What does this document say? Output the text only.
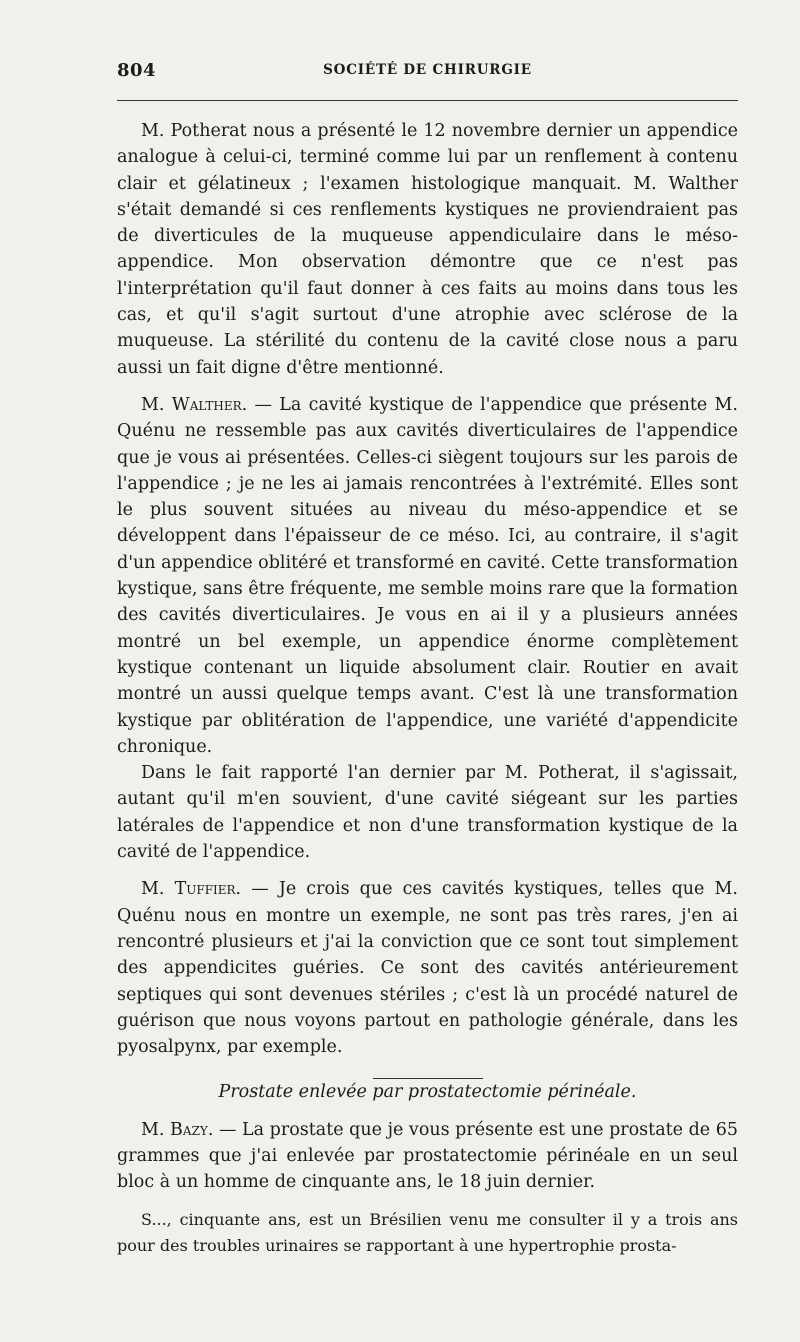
804	SOCIÉTÉ DE CHIRURGIE

M. Potherat nous a présenté le 12 novembre dernier un appendice analogue à celui-ci, terminé comme lui par un renflement à contenu clair et gélatineux ; l'examen histologique manquait. M. Walther s'était demandé si ces renflements kystiques ne proviendraient pas de diverticules de la muqueuse appendiculaire dans le méso-appendice. Mon observation démontre que ce n'est pas l'interprétation qu'il faut donner à ces faits au moins dans tous les cas, et qu'il s'agit surtout d'une atrophie avec sclérose de la muqueuse. La stérilité du contenu de la cavité close nous a paru aussi un fait digne d'être mentionné.

M. Walther. — La cavité kystique de l'appendice que présente M. Quénu ne ressemble pas aux cavités diverticulaires de l'appendice que je vous ai présentées. Celles-ci siègent toujours sur les parois de l'appendice ; je ne les ai jamais rencontrées à l'extrémité. Elles sont le plus souvent situées au niveau du méso-appendice et se développent dans l'épaisseur de ce méso. Ici, au contraire, il s'agit d'un appendice oblitéré et transformé en cavité. Cette transformation kystique, sans être fréquente, me semble moins rare que la formation des cavités diverticulaires. Je vous en ai il y a plusieurs années montré un bel exemple, un appendice énorme complètement kystique contenant un liquide absolument clair. Routier en avait montré un aussi quelque temps avant. C'est là une transformation kystique par oblitération de l'appendice, une variété d'appendicite chronique.

Dans le fait rapporté l'an dernier par M. Potherat, il s'agissait, autant qu'il m'en souvient, d'une cavité siégeant sur les parties latérales de l'appendice et non d'une transformation kystique de la cavité de l'appendice.

M. Tuffier. — Je crois que ces cavités kystiques, telles que M. Quénu nous en montre un exemple, ne sont pas très rares, j'en ai rencontré plusieurs et j'ai la conviction que ce sont tout simplement des appendicites guéries. Ce sont des cavités antérieurement septiques qui sont devenues stériles ; c'est là un procédé naturel de guérison que nous voyons partout en pathologie générale, dans les pyosalpynx, par exemple.

Prostate enlevée par prostatectomie périnéale.

M. Bazy. — La prostate que je vous présente est une prostate de 65 grammes que j'ai enlevée par prostatectomie périnéale en un seul bloc à un homme de cinquante ans, le 18 juin dernier.

S..., cinquante ans, est un Brésilien venu me consulter il y a trois ans pour des troubles urinaires se rapportant à une hypertrophie prosta-
